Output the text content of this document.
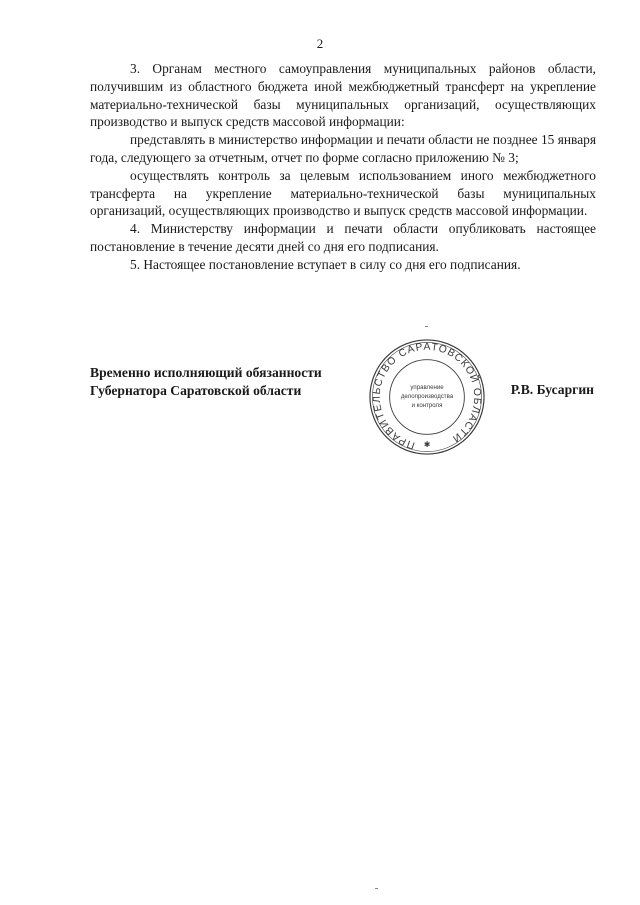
2

3. Органам местного самоуправления муниципальных районов области, получившим из областного бюджета иной межбюджетный трансферт на укрепление материально-технической базы муниципальных организаций, осуществляющих производство и выпуск средств массовой информации:

представлять в министерство информации и печати области не позднее 15 января года, следующего за отчетным, отчет по форме согласно приложению № 3;

осуществлять контроль за целевым использованием иного межбюджетного трансферта на укрепление материально-технической базы муниципальных организаций, осуществляющих производство и выпуск средств массовой информации.

4. Министерству информации и печати области опубликовать настоящее постановление в течение десяти дней со дня его подписания.

5. Настоящее постановление вступает в силу со дня его подписания.

Временно исполняющий обязанности
Губернатора Саратовской области
ПРАВИТЕЛЬСТВО САРАТОВСКОЙ ОБЛАСТИ
управление
делопроизводства
и контроля
✱
Р.В. Бусаргин
